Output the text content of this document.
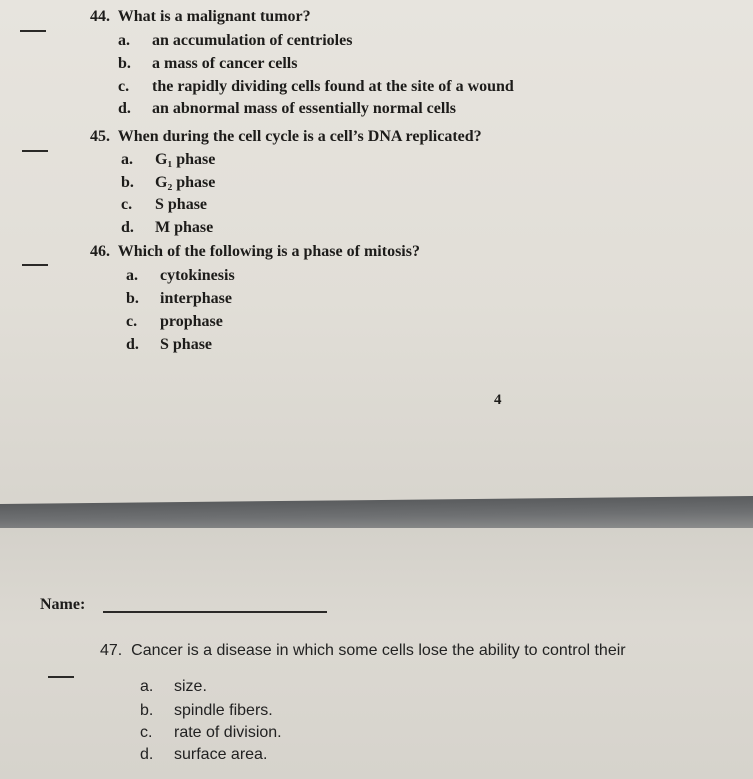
44. What is a malignant tumor?
a. an accumulation of centrioles
b. a mass of cancer cells
c. the rapidly dividing cells found at the site of a wound
d. an abnormal mass of essentially normal cells
45. When during the cell cycle is a cell’s DNA replicated?
a. G₁ phase
b. G₂ phase
c. S phase
d. M phase
46. Which of the following is a phase of mitosis?
a. cytokinesis
b. interphase
c. prophase
d. S phase
4
Name:
47. Cancer is a disease in which some cells lose the ability to control their
a. size.
b. spindle fibers.
c. rate of division.
d. surface area.
